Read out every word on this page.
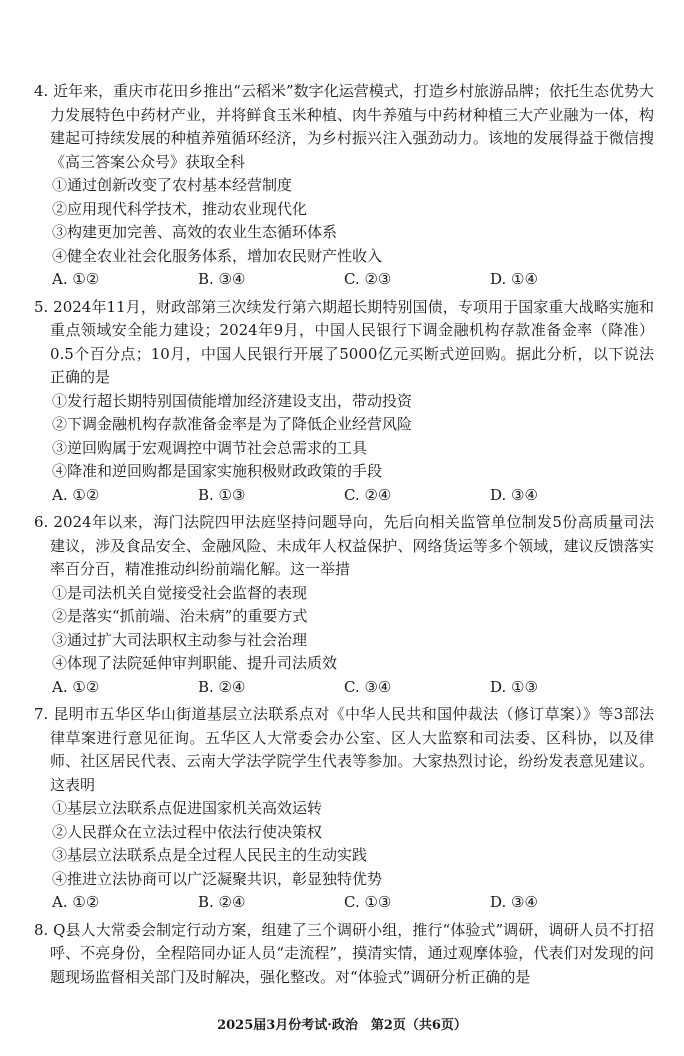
4. 近年来，重庆市花田乡推出“云稻米”数字化运营模式，打造乡村旅游品牌；依托生态优势大力发展特色中药材产业，并将鲜食玉米种植、肉牛养殖与中药材种植三大产业融为一体，构建起可持续发展的种植养殖循环经济，为乡村振兴注入强劲动力。该地的发展得益于微信搜《高三答案公众号》获取全科

①通过创新改变了农村基本经营制度

②应用现代科学技术，推动农业现代化

③构建更加完善、高效的农业生态循环体系

④健全农业社会化服务体系，增加农民财产性收入

A. ①②	B. ③④	C. ②③	D. ①④

5. 2024年11月，财政部第三次续发行第六期超长期特别国债，专项用于国家重大战略实施和重点领域安全能力建设；2024年9月，中国人民银行下调金融机构存款准备金率（降准）0.5个百分点；10月，中国人民银行开展了5000亿元买断式逆回购。据此分析，以下说法正确的是

①发行超长期特别国债能增加经济建设支出，带动投资

②下调金融机构存款准备金率是为了降低企业经营风险

③逆回购属于宏观调控中调节社会总需求的工具

④降准和逆回购都是国家实施积极财政政策的手段

A. ①②	B. ①③	C. ②④	D. ③④

6. 2024年以来，海门法院四甲法庭坚持问题导向，先后向相关监管单位制发5份高质量司法建议，涉及食品安全、金融风险、未成年人权益保护、网络货运等多个领域，建议反馈落实率百分百，精准推动纠纷前端化解。这一举措

①是司法机关自觉接受社会监督的表现

②是落实“抓前端、治未病”的重要方式

③通过扩大司法职权主动参与社会治理

④体现了法院延伸审判职能、提升司法质效

A. ①②	B. ②④	C. ③④	D. ①③

7. 昆明市五华区华山街道基层立法联系点对《中华人民共和国仲裁法（修订草案）》等3部法律草案进行意见征询。五华区人大常委会办公室、区人大监察和司法委、区科协，以及律师、社区居民代表、云南大学法学院学生代表等参加。大家热烈讨论，纷纷发表意见建议。这表明

①基层立法联系点促进国家机关高效运转

②人民群众在立法过程中依法行使决策权

③基层立法联系点是全过程人民民主的生动实践

④推进立法协商可以广泛凝聚共识，彰显独特优势

A. ①②	B. ②④	C. ①③	D. ③④

8. Q县人大常委会制定行动方案，组建了三个调研小组，推行“体验式”调研，调研人员不打招呼、不亮身份，全程陪同办证人员“走流程”，摸清实情，通过观摩体验，代表们对发现的问题现场监督相关部门及时解决，强化整改。对“体验式”调研分析正确的是

2025届3月份考试·政治　第2页（共6页）
